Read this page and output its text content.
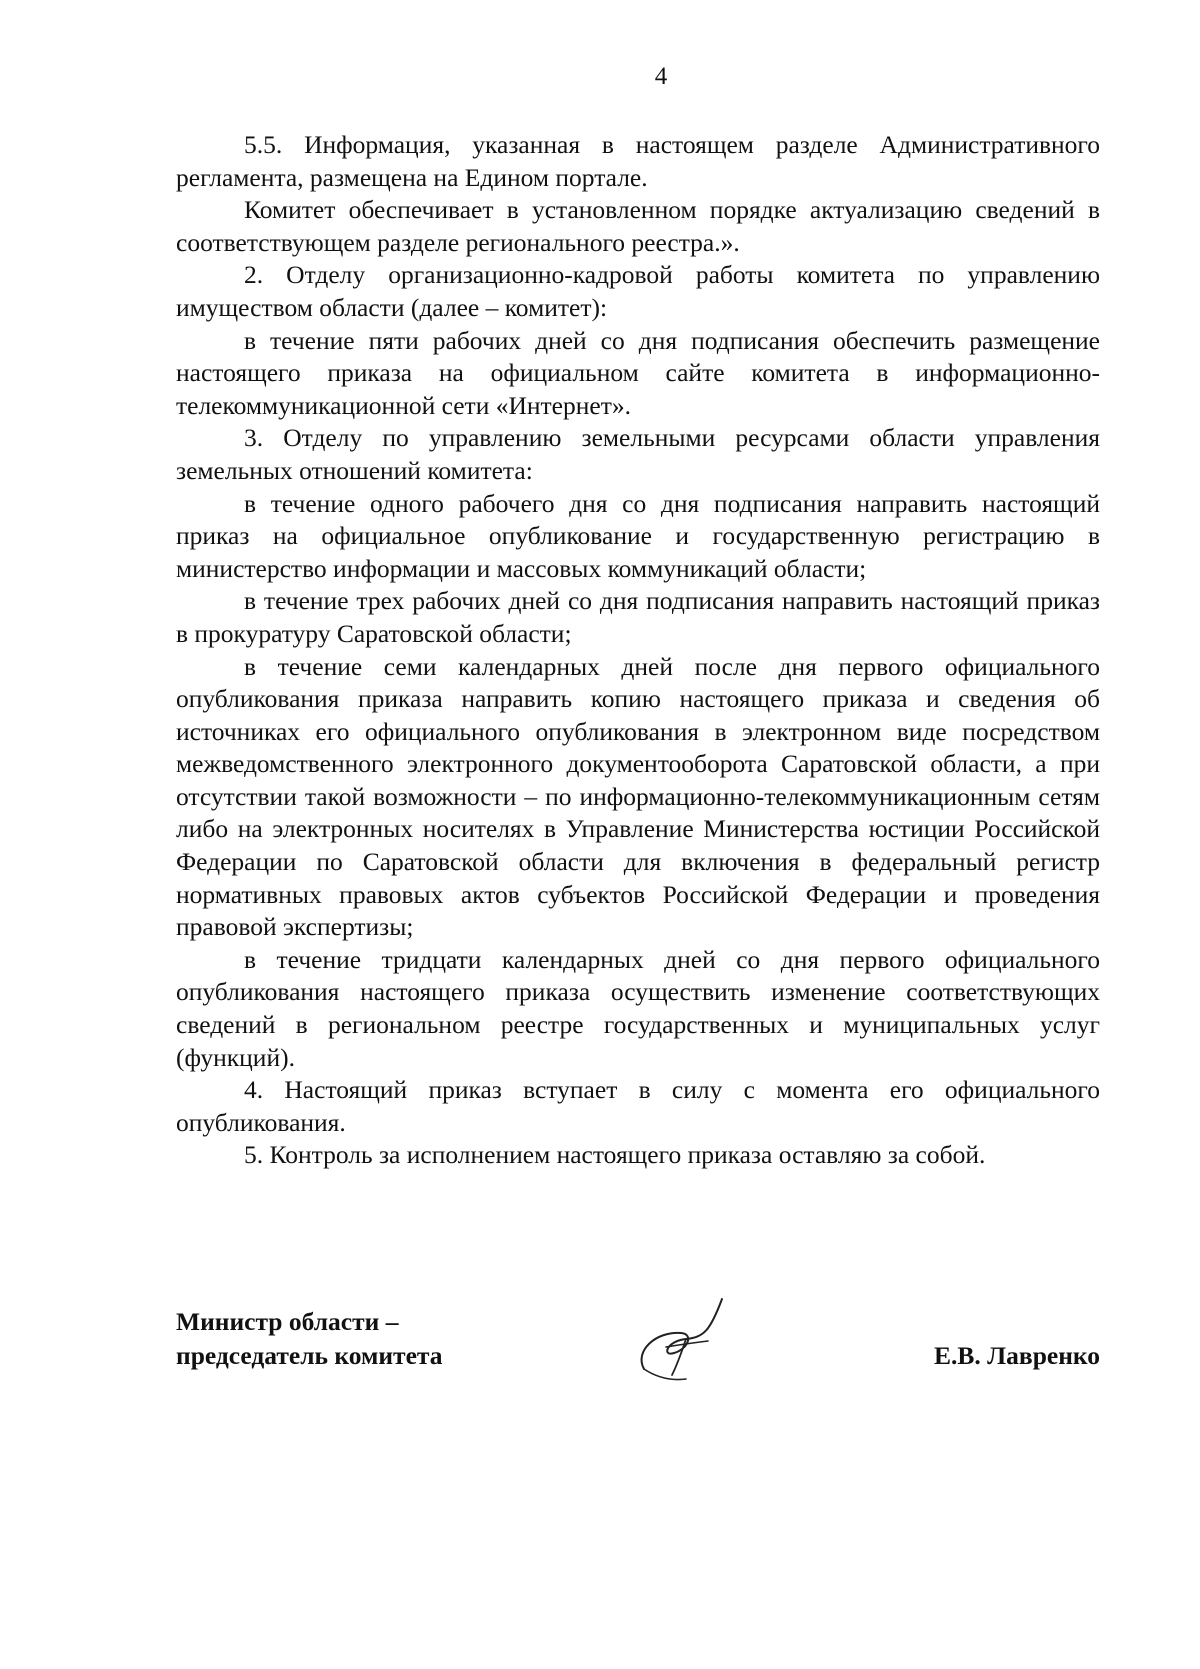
4

5.5. Информация, указанная в настоящем разделе Административного регламента, размещена на Едином портале.

Комитет обеспечивает в установленном порядке актуализацию сведений в соответствующем разделе регионального реестра.».

2. Отделу организационно-кадровой работы комитета по управлению имуществом области (далее – комитет):

в течение пяти рабочих дней со дня подписания обеспечить размещение настоящего приказа на официальном сайте комитета в информационно-телекоммуникационной сети «Интернет».

3. Отделу по управлению земельными ресурсами области управления земельных отношений комитета:

в течение одного рабочего дня со дня подписания направить настоящий приказ на официальное опубликование и государственную регистрацию в министерство информации и массовых коммуникаций области;

в течение трех рабочих дней со дня подписания направить настоящий приказ в прокуратуру Саратовской области;

в течение семи календарных дней после дня первого официального опубликования приказа направить копию настоящего приказа и сведения об источниках его официального опубликования в электронном виде посредством межведомственного электронного документооборота Саратовской области, а при отсутствии такой возможности – по информационно-телекоммуникационным сетям либо на электронных носителях в Управление Министерства юстиции Российской Федерации по Саратовской области для включения в федеральный регистр нормативных правовых актов субъектов Российской Федерации и проведения правовой экспертизы;

в течение тридцати календарных дней со дня первого официального опубликования настоящего приказа осуществить изменение соответствующих сведений в региональном реестре государственных и муниципальных услуг (функций).

4. Настоящий приказ вступает в силу с момента его официального опубликования.

5. Контроль за исполнением настоящего приказа оставляю за собой.

Министр области –
председатель комитета	Е.В. Лавренко
